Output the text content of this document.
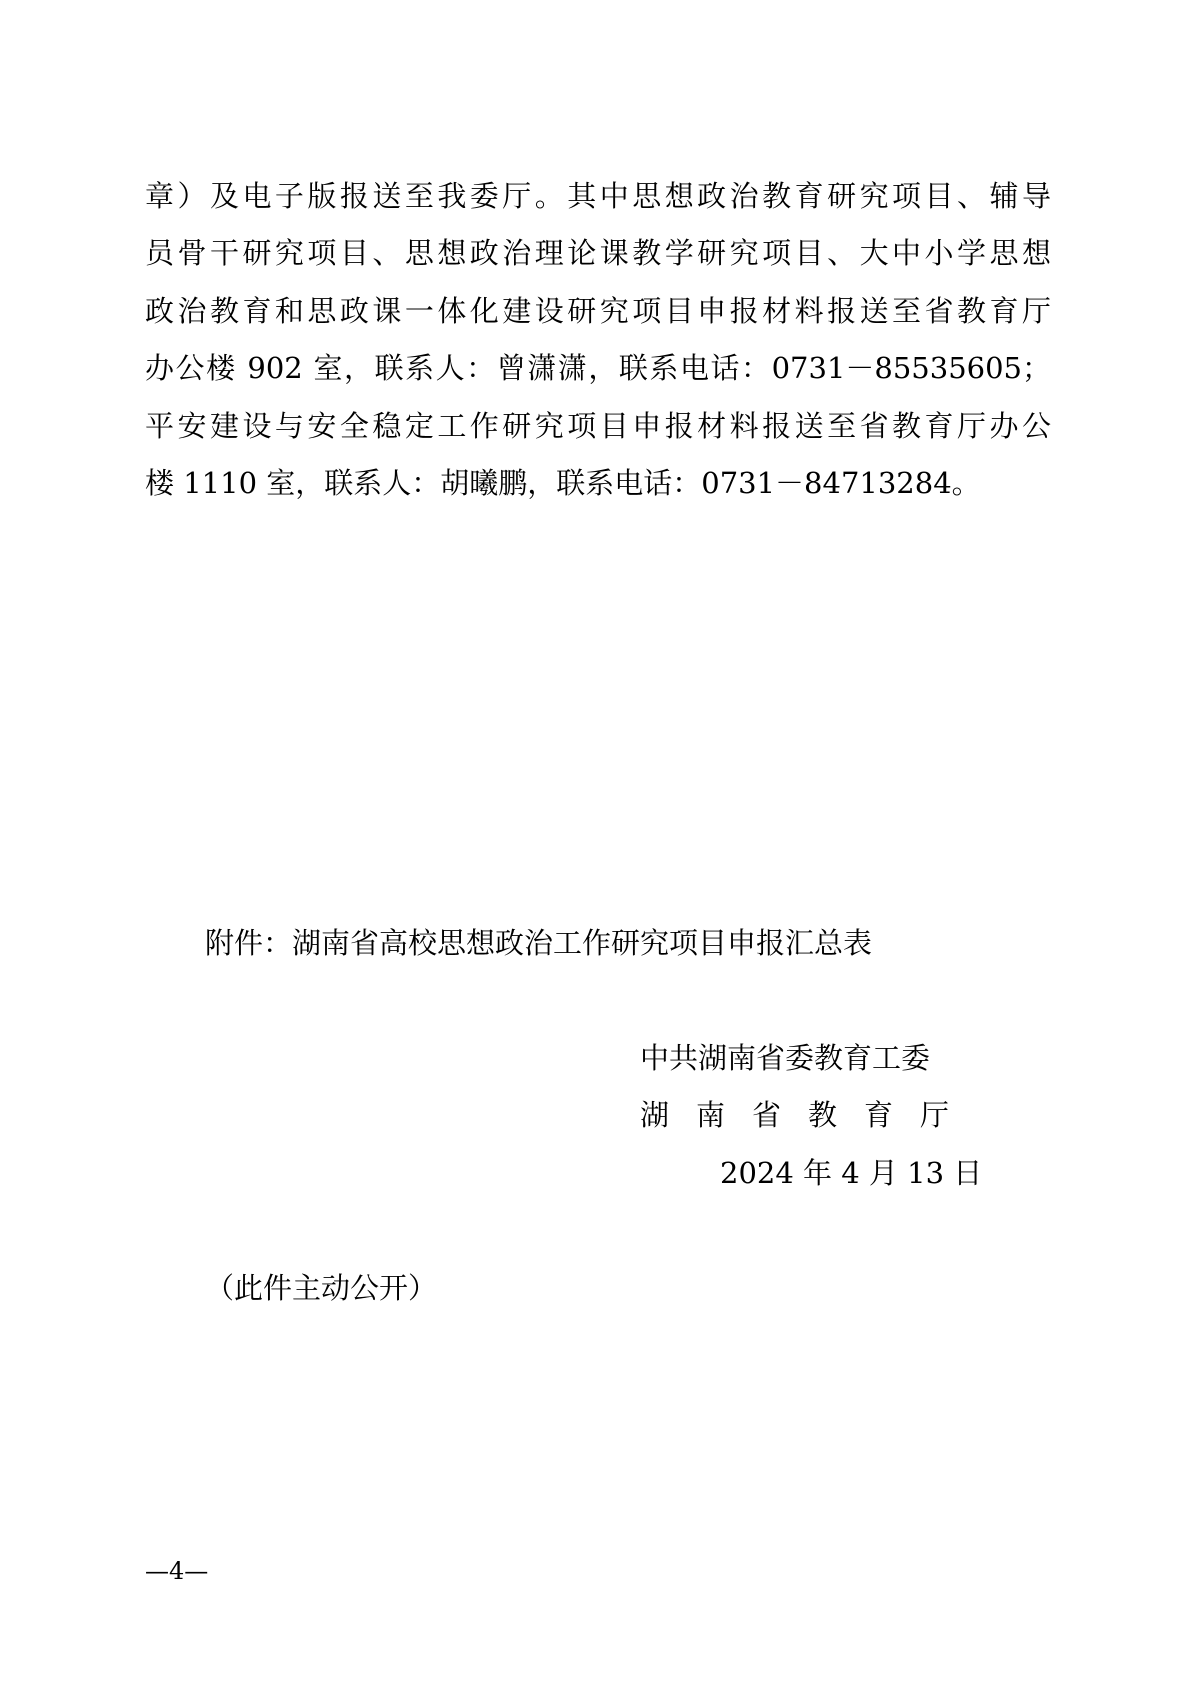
章）及电子版报送至我委厅。其中思想政治教育研究项目、辅导
员骨干研究项目、思想政治理论课教学研究项目、大中小学思想
政治教育和思政课一体化建设研究项目申报材料报送至省教育厅
办公楼 902 室，联系人：曾潇潇，联系电话：0731－85535605；
平安建设与安全稳定工作研究项目申报材料报送至省教育厅办公
楼 1110 室，联系人：胡曦鹏，联系电话：0731－84713284。
附件：湖南省高校思想政治工作研究项目申报汇总表
中共湖南省委教育工委
湖南省教育厅
2024 年 4 月 13 日
（此件主动公开）
—4—
